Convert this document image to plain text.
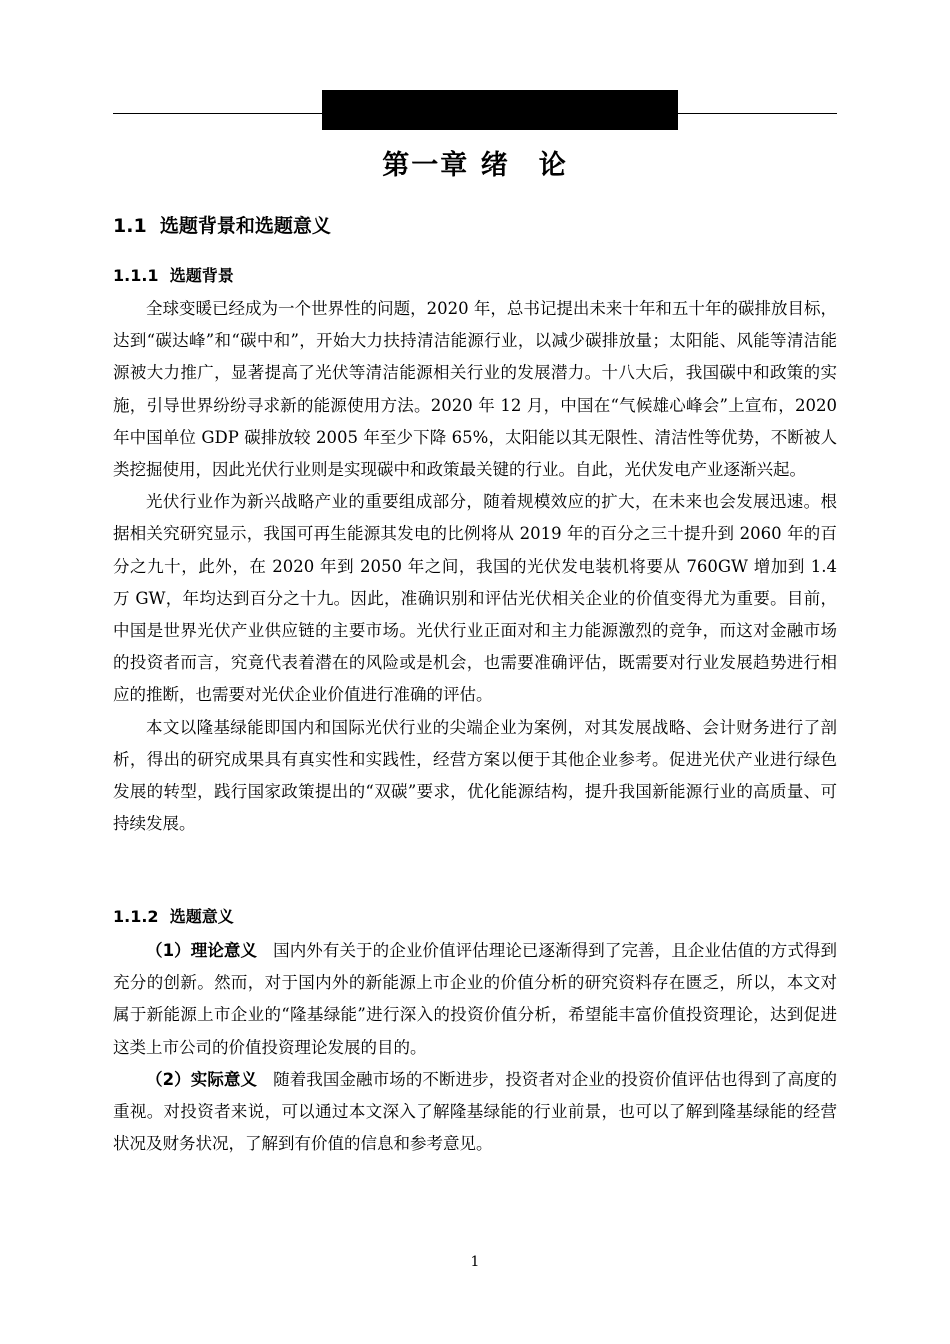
第一章 绪　论
1.1  选题背景和选题意义
1.1.1  选题背景

全球变暖已经成为一个世界性的问题，2020 年，总书记提出未来十年和五十年的碳排放目标，达到“碳达峰”和“碳中和”，开始大力扶持清洁能源行业，以减少碳排放量；太阳能、风能等清洁能源被大力推广，显著提高了光伏等清洁能源相关行业的发展潜力。十八大后，我国碳中和政策的实施，引导世界纷纷寻求新的能源使用方法。2020 年 12 月，中国在“气候雄心峰会”上宣布，2020 年中国单位 GDP 碳排放较 2005 年至少下降 65%，太阳能以其无限性、清洁性等优势，不断被人类挖掘使用，因此光伏行业则是实现碳中和政策最关键的行业。自此，光伏发电产业逐渐兴起。

光伏行业作为新兴战略产业的重要组成部分，随着规模效应的扩大，在未来也会发展迅速。根据相关究研究显示，我国可再生能源其发电的比例将从 2019 年的百分之三十提升到 2060 年的百分之九十，此外，在 2020 年到 2050 年之间，我国的光伏发电装机将要从 760GW 增加到 1.4 万 GW，年均达到百分之十九。因此，准确识别和评估光伏相关企业的价值变得尤为重要。目前，中国是世界光伏产业供应链的主要市场。光伏行业正面对和主力能源激烈的竞争，而这对金融市场的投资者而言，究竟代表着潜在的风险或是机会，也需要准确评估，既需要对行业发展趋势进行相应的推断，也需要对光伏企业价值进行准确的评估。

本文以隆基绿能即国内和国际光伏行业的尖端企业为案例，对其发展战略、会计财务进行了剖析，得出的研究成果具有真实性和实践性，经营方案以便于其他企业参考。促进光伏产业进行绿色发展的转型，践行国家政策提出的“双碳”要求，优化能源结构，提升我国新能源行业的高质量、可持续发展。

1.1.2  选题意义

（1）理论意义 国内外有关于的企业价值评估理论已逐渐得到了完善，且企业估值的方式得到充分的创新。然而，对于国内外的新能源上市企业的价值分析的研究资料存在匮乏，所以，本文对属于新能源上市企业的“隆基绿能”进行深入的投资价值分析，希望能丰富价值投资理论，达到促进这类上市公司的价值投资理论发展的目的。

（2）实际意义 随着我国金融市场的不断进步，投资者对企业的投资价值评估也得到了高度的重视。对投资者来说，可以通过本文深入了解隆基绿能的行业前景，也可以了解到隆基绿能的经营状况及财务状况，了解到有价值的信息和参考意见。

1
